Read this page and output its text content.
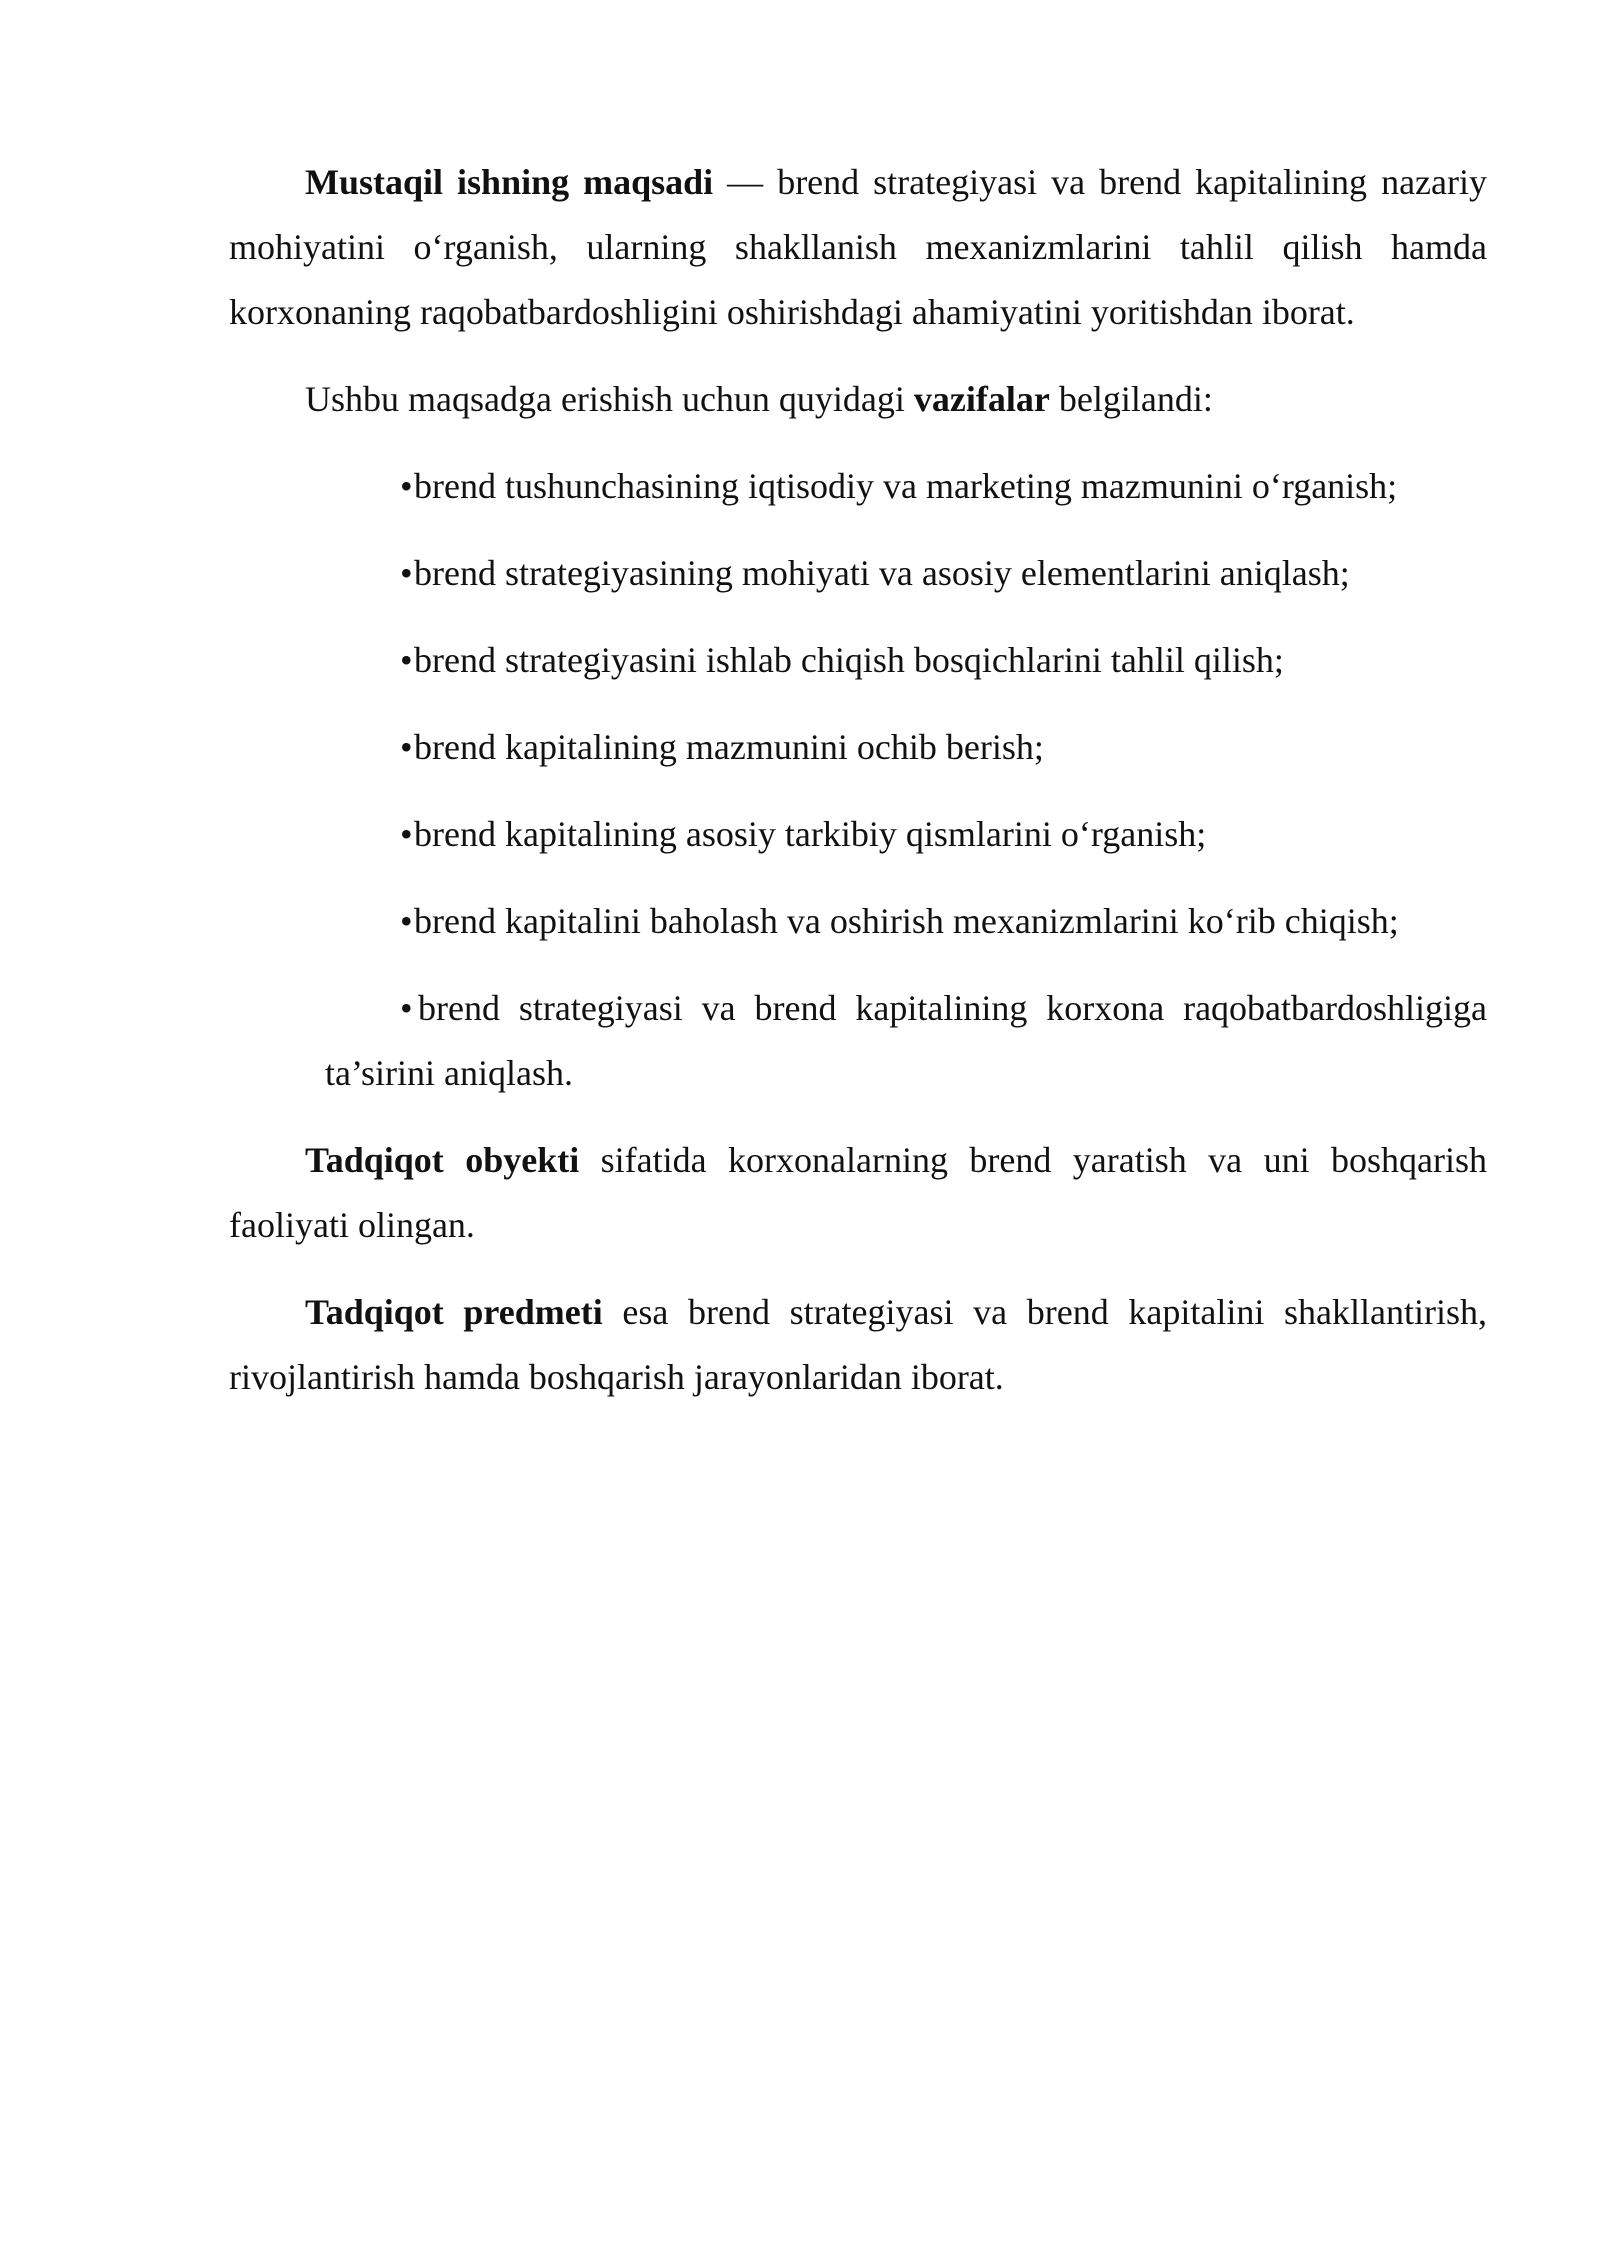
Mustaqil ishning maqsadi — brend strategiyasi va brend kapitalining nazariy mohiyatini o‘rganish, ularning shakllanish mexanizmlarini tahlil qilish hamda korxonaning raqobatbardoshligini oshirishdagi ahamiyatini yoritishdan iborat.

Ushbu maqsadga erishish uchun quyidagi vazifalar belgilandi:

• brend tushunchasining iqtisodiy va marketing mazmunini o‘rganish;
• brend strategiyasining mohiyati va asosiy elementlarini aniqlash;
• brend strategiyasini ishlab chiqish bosqichlarini tahlil qilish;
• brend kapitalining mazmunini ochib berish;
• brend kapitalining asosiy tarkibiy qismlarini o‘rganish;
• brend kapitalini baholash va oshirish mexanizmlarini ko‘rib chiqish;
• brend strategiyasi va brend kapitalining korxona raqobatbardoshligiga ta’sirini aniqlash.

Tadqiqot obyekti sifatida korxonalarning brend yaratish va uni boshqarish faoliyati olingan.

Tadqiqot predmeti esa brend strategiyasi va brend kapitalini shakllantirish, rivojlantirish hamda boshqarish jarayonlaridan iborat.
